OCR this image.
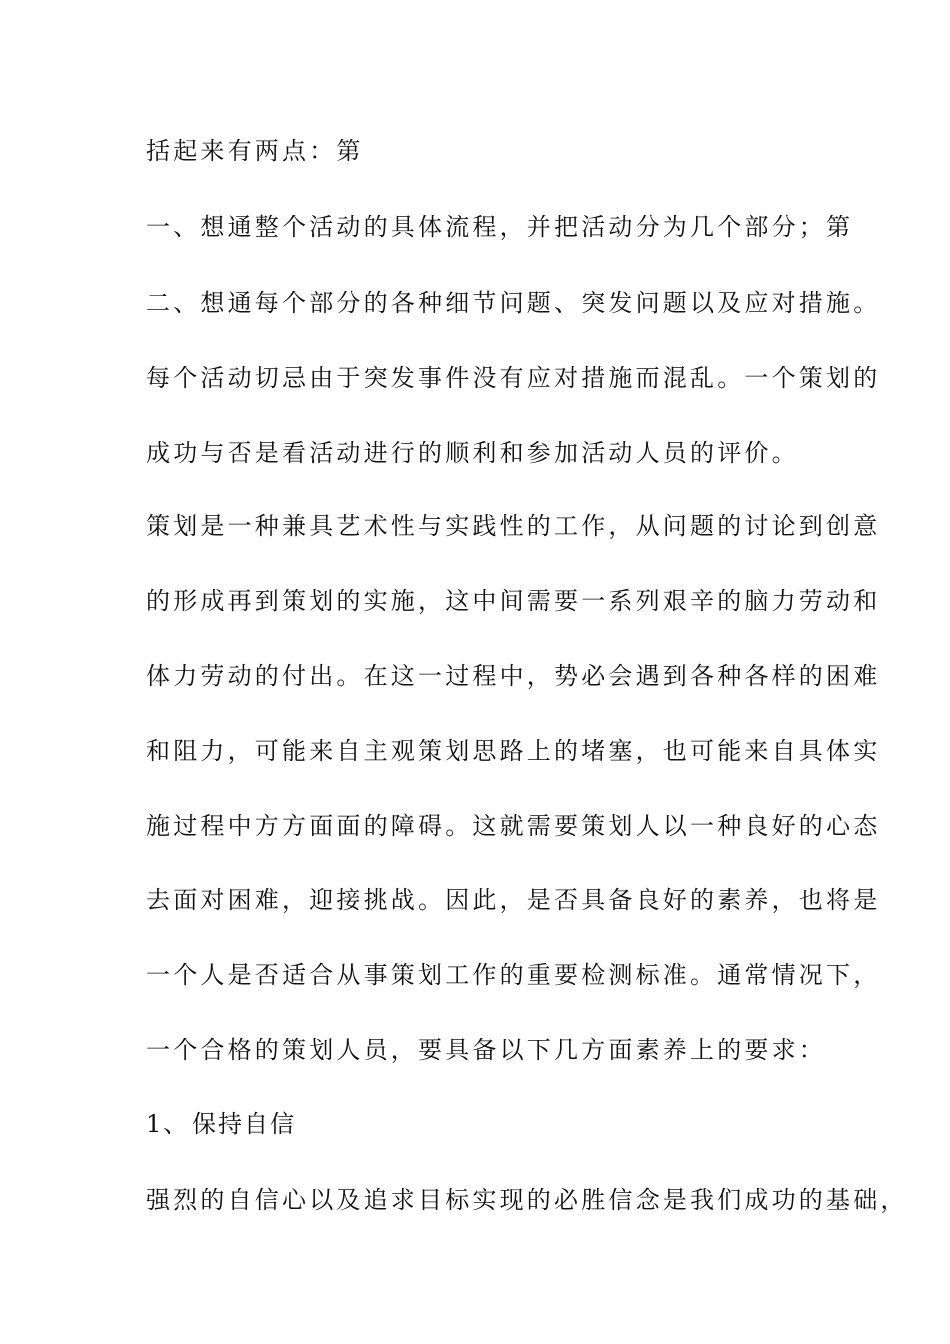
括起来有两点：第
一、想通整个活动的具体流程，并把活动分为几个部分；第
二、想通每个部分的各种细节问题、突发问题以及应对措施。
每个活动切忌由于突发事件没有应对措施而混乱。一个策划的
成功与否是看活动进行的顺利和参加活动人员的评价。
策划是一种兼具艺术性与实践性的工作，从问题的讨论到创意
的形成再到策划的实施，这中间需要一系列艰辛的脑力劳动和
体力劳动的付出。在这一过程中，势必会遇到各种各样的困难
和阻力，可能来自主观策划思路上的堵塞，也可能来自具体实
施过程中方方面面的障碍。这就需要策划人以一种良好的心态
去面对困难，迎接挑战。因此，是否具备良好的素养，也将是
一个人是否适合从事策划工作的重要检测标准。通常情况下，
一个合格的策划人员，要具备以下几方面素养上的要求：
1、 保持自信
强烈的自信心以及追求目标实现的必胜信念是我们成功的基础，
